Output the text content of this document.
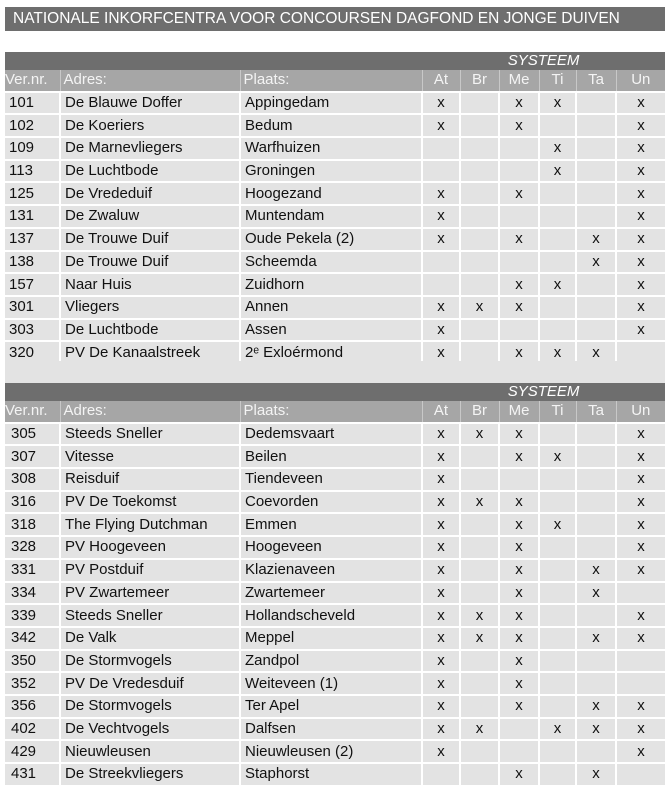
NATIONALE INKORFCENTRA VOOR CONCOURSEN DAGFOND EN JONGE DUIVEN
			SYSTEEM					
Ver.nr.	Adres:	Plaats:	At	Br	Me	Ti	Ta	Un
101	De Blauwe Doffer	Appingedam	x		x	x		x
102	De Koeriers	Bedum	x		x			x
109	De Marnevliegers	Warfhuizen				x		x
113	De Luchtbode	Groningen				x		x
125	De Vrededuif	Hoogezand	x		x			x
131	De Zwaluw	Muntendam	x					x
137	De Trouwe Duif	Oude Pekela (2)	x		x		x	x
138	De Trouwe Duif	Scheemda					x	x
157	Naar Huis	Zuidhorn			x	x		x
301	Vliegers	Annen	x	x	x			x
303	De Luchtbode	Assen	x					x
320	PV De Kanaalstreek	2ᵉ Exloérmond	x		x	x	x	

			SYSTEEM					
Ver.nr.	Adres:	Plaats:	At	Br	Me	Ti	Ta	Un
305	Steeds Sneller	Dedemsvaart	x	x	x			x
307	Vitesse	Beilen	x		x	x		x
308	Reisduif	Tiendeveen	x					x
316	PV De Toekomst	Coevorden	x	x	x			x
318	The Flying Dutchman	Emmen	x		x	x		x
328	PV Hoogeveen	Hoogeveen	x		x			x
331	PV Postduif	Klazienaveen	x		x		x	x
334	PV Zwartemeer	Zwartemeer	x		x		x	
339	Steeds Sneller	Hollandscheveld	x	x	x			x
342	De Valk	Meppel	x	x	x		x	x
350	De Stormvogels	Zandpol	x		x			
352	PV De Vredesduif	Weiteveen (1)	x		x			
356	De Stormvogels	Ter Apel	x		x		x	x
402	De Vechtvogels	Dalfsen	x	x		x	x	x
429	Nieuwleusen	Nieuwleusen (2)	x					x
431	De Streekvliegers	Staphorst			x		x	
